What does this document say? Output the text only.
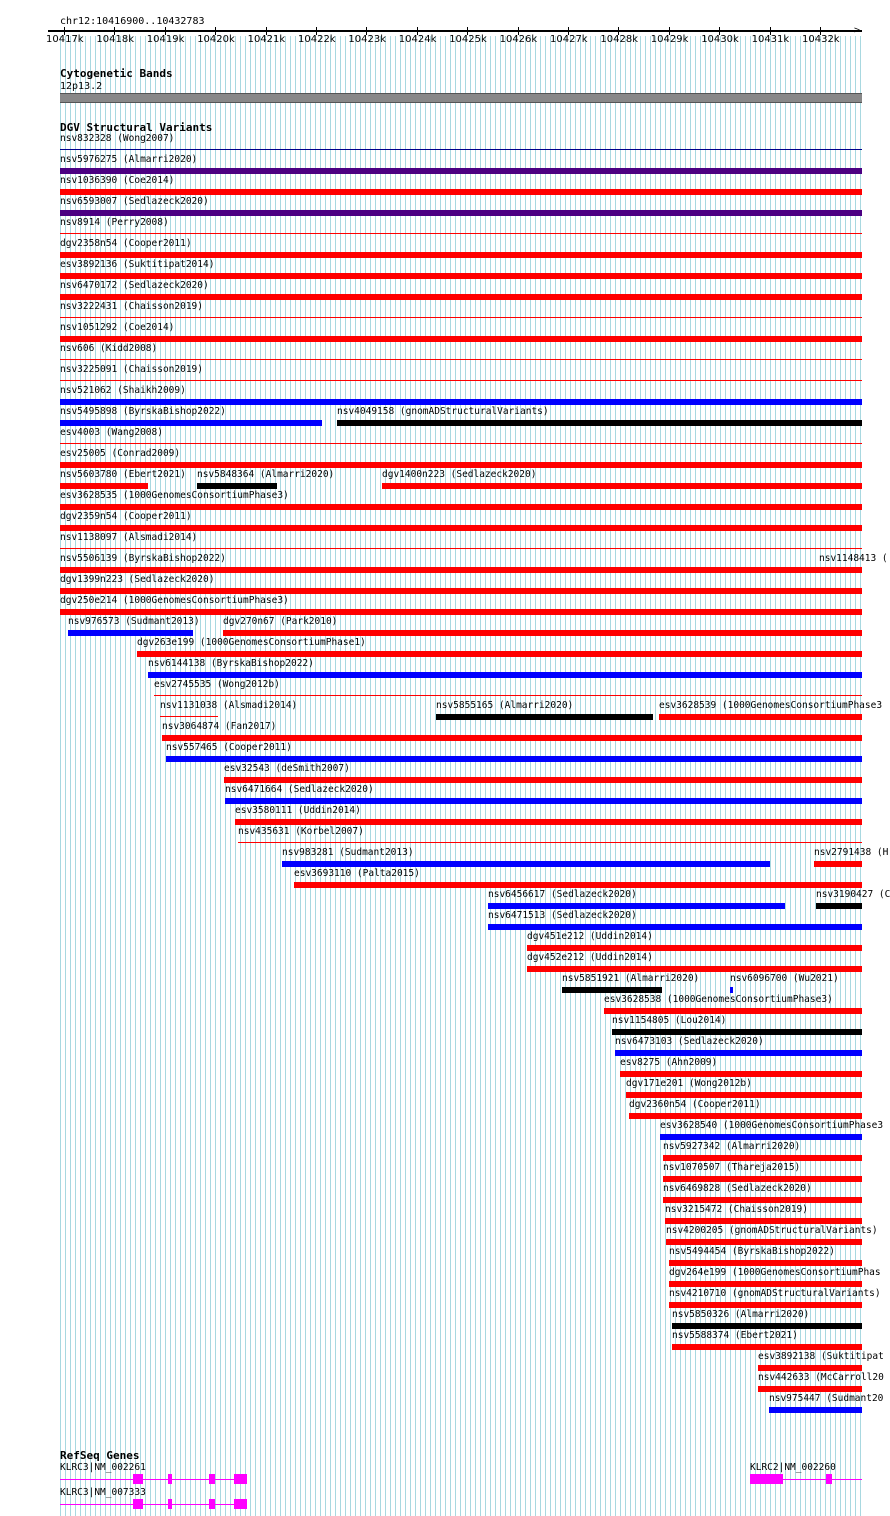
chr12:10416900..10432783
>
10417k 10418k 10419k 10420k 10421k 10422k 10423k 10424k 10425k 10426k 10427k 10428k 10429k 10430k 10431k 10432k
Cytogenetic Bands
12p13.2
DGV Structural Variants
nsv832328 (Wong2007)
nsv5976275 (Almarri2020)
nsv1036390 (Coe2014)
nsv6593007 (Sedlazeck2020)
nsv8914 (Perry2008)
dgv2358n54 (Cooper2011)
esv3892136 (Suktitipat2014)
nsv6470172 (Sedlazeck2020)
nsv3222431 (Chaisson2019)
nsv1051292 (Coe2014)
nsv606 (Kidd2008)
nsv3225091 (Chaisson2019)
nsv521062 (Shaikh2009)
nsv5495898 (ByrskaBishop2022)	nsv4049158 (gnomADStructuralVariants)
esv4003 (Wang2008)
esv25005 (Conrad2009)
nsv5603780 (Ebert2021) nsv5848364 (Almarri2020)	dgv1400n223 (Sedlazeck2020)
esv3628535 (1000GenomesConsortiumPhase3)
dgv2359n54 (Cooper2011)
nsv1138097 (Alsmadi2014)
nsv5506139 (ByrskaBishop2022)	nsv1148413 (
dgv1399n223 (Sedlazeck2020)
dgv250e214 (1000GenomesConsortiumPhase3)
nsv976573 (Sudmant2013) dgv270n67 (Park2010)
dgv263e199 (1000GenomesConsortiumPhase1)
nsv6144138 (ByrskaBishop2022)
esv2745535 (Wong2012b)
nsv1131038 (Alsmadi2014)	nsv5855165 (Almarri2020)	esv3628539 (1000GenomesConsortiumPhase3
nsv3064874 (Fan2017)
nsv557465 (Cooper2011)
esv32543 (deSmith2007)
nsv6471664 (Sedlazeck2020)
esv3580111 (Uddin2014)
nsv435631 (Korbel2007)
nsv983281 (Sudmant2013)	nsv2791438 (H
esv3693110 (Palta2015)
nsv6456617 (Sedlazeck2020)	nsv3190427 (C
nsv6471513 (Sedlazeck2020)
dgv451e212 (Uddin2014)
dgv452e212 (Uddin2014)
nsv5851921 (Almarri2020)	nsv6096700 (Wu2021)
esv3628538 (1000GenomesConsortiumPhase3)
nsv1154805 (Lou2014)
nsv6473103 (Sedlazeck2020)
esv8275 (Ahn2009)
dgv171e201 (Wong2012b)
dgv2360n54 (Cooper2011)
esv3628540 (1000GenomesConsortiumPhase3
nsv5927342 (Almarri2020)
nsv1070507 (Thareja2015)
nsv6469828 (Sedlazeck2020)
nsv3215472 (Chaisson2019)
nsv4200205 (gnomADStructuralVariants)
nsv5494454 (ByrskaBishop2022)
dgv264e199 (1000GenomesConsortiumPhas
nsv4210710 (gnomADStructuralVariants)
nsv5850326 (Almarri2020)
nsv5588374 (Ebert2021)
esv3892138 (Suktitipat
nsv442633 (McCarroll20
nsv975447 (Sudmant20
RefSeq Genes
KLRC3|NM_002261
KLRC3|NM_007333
KLRC2|NM_002260
